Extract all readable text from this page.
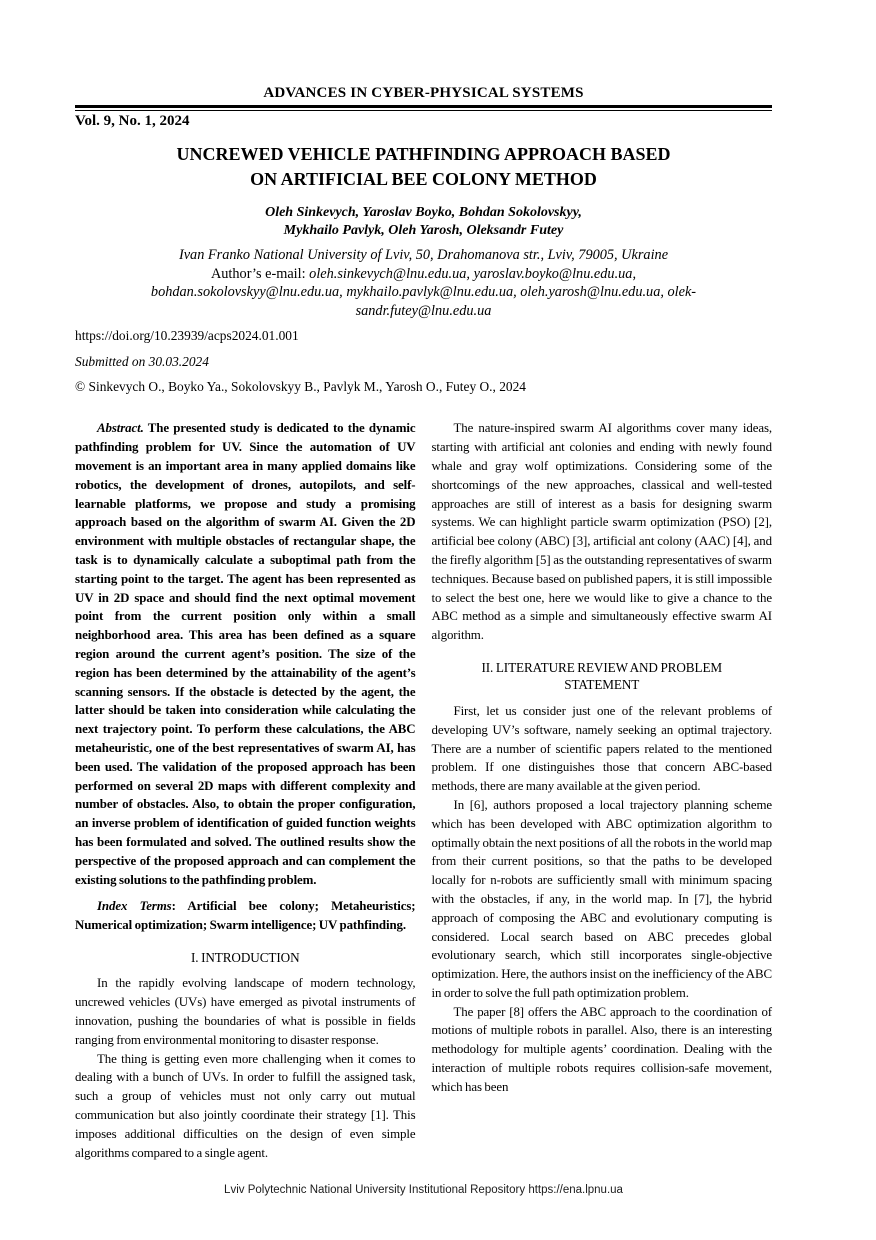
ADVANCES IN CYBER-PHYSICAL SYSTEMS
Vol. 9, No. 1, 2024
UNCREWED VEHICLE PATHFINDING APPROACH BASED
ON ARTIFICIAL BEE COLONY METHOD
Oleh Sinkevych, Yaroslav Boyko, Bohdan Sokolovskyy,
Mykhailo Pavlyk, Oleh Yarosh, Oleksandr Futey
Ivan Franko National University of Lviv, 50, Drahomanova str., Lviv, 79005, Ukraine
Author’s e-mail: oleh.sinkevych@lnu.edu.ua, yaroslav.boyko@lnu.edu.ua,
bohdan.sokolovskyy@lnu.edu.ua, mykhailo.pavlyk@lnu.edu.ua, oleh.yarosh@lnu.edu.ua, olek-
sandr.futey@lnu.edu.ua
https://doi.org/10.23939/acps2024.01.001
Submitted on 30.03.2024
© Sinkevych O., Boyko Ya., Sokolovskyy B., Pavlyk M., Yarosh O., Futey O., 2024

Abstract. The presented study is dedicated to the dynamic pathfinding problem for UV. Since the automation of UV movement is an important area in many applied domains like robotics, the development of drones, autopilots, and self-learnable platforms, we propose and study a promising approach based on the algorithm of swarm AI. Given the 2D environment with multiple obstacles of rectangular shape, the task is to dynamically calculate a suboptimal path from the starting point to the target. The agent has been represented as UV in 2D space and should find the next optimal movement point from the current position only within a small neighborhood area. This area has been defined as a square region around the current agent’s position. The size of the region has been determined by the attainability of the agent’s scanning sensors. If the obstacle is detected by the agent, the latter should be taken into consideration while calculating the next trajectory point. To perform these calculations, the ABC metaheuristic, one of the best representatives of swarm AI, has been used. The validation of the proposed approach has been performed on several 2D maps with different complexity and number of obstacles. Also, to obtain the proper configuration, an inverse problem of identification of guided function weights has been formulated and solved. The outlined results show the perspective of the proposed approach and can complement the existing solutions to the pathfinding problem.

Index Terms: Artificial bee colony; Metaheuristics; Numerical optimization; Swarm intelligence; UV pathfinding.

I. INTRODUCTION

In the rapidly evolving landscape of modern technology, uncrewed vehicles (UVs) have emerged as pivotal instruments of innovation, pushing the boundaries of what is possible in fields ranging from environmental monitoring to disaster response.

The thing is getting even more challenging when it comes to dealing with a bunch of UVs. In order to fulfill the assigned task, such a group of vehicles must not only carry out mutual communication but also jointly coordinate their strategy [1]. This imposes additional difficulties on the design of even simple algorithms compared to a single agent.

The nature-inspired swarm AI algorithms cover many ideas, starting with artificial ant colonies and ending with newly found whale and gray wolf optimizations. Considering some of the shortcomings of the new approaches, classical and well-tested approaches are still of interest as a basis for designing swarm systems. We can highlight particle swarm optimization (PSO) [2], artificial bee colony (ABC) [3], artificial ant colony (AAC) [4], and the firefly algorithm [5] as the outstanding representatives of swarm techniques. Because based on published papers, it is still impossible to select the best one, here we would like to give a chance to the ABC method as a simple and simultaneously effective swarm AI algorithm.

II. LITERATURE REVIEW AND PROBLEM STATEMENT

First, let us consider just one of the relevant problems of developing UV’s software, namely seeking an optimal trajectory. There are a number of scientific papers related to the mentioned problem. If one distinguishes those that concern ABC-based methods, there are many available at the given period.

In [6], authors proposed a local trajectory planning scheme which has been developed with ABC optimization algorithm to optimally obtain the next positions of all the robots in the world map from their current positions, so that the paths to be developed locally for n-robots are sufficiently small with minimum spacing with the obstacles, if any, in the world map. In [7], the hybrid approach of composing the ABC and evolutionary computing is considered. Local search based on ABC precedes global evolutionary search, which still incorporates single-objective optimization. Here, the authors insist on the inefficiency of the ABC in order to solve the full path optimization problem.

The paper [8] offers the ABC approach to the coordination of motions of multiple robots in parallel. Also, there is an interesting methodology for multiple agents’ coordination. Dealing with the interaction of multiple robots requires collision-safe movement, which has been

Lviv Polytechnic National University Institutional Repository https://ena.lpnu.ua
